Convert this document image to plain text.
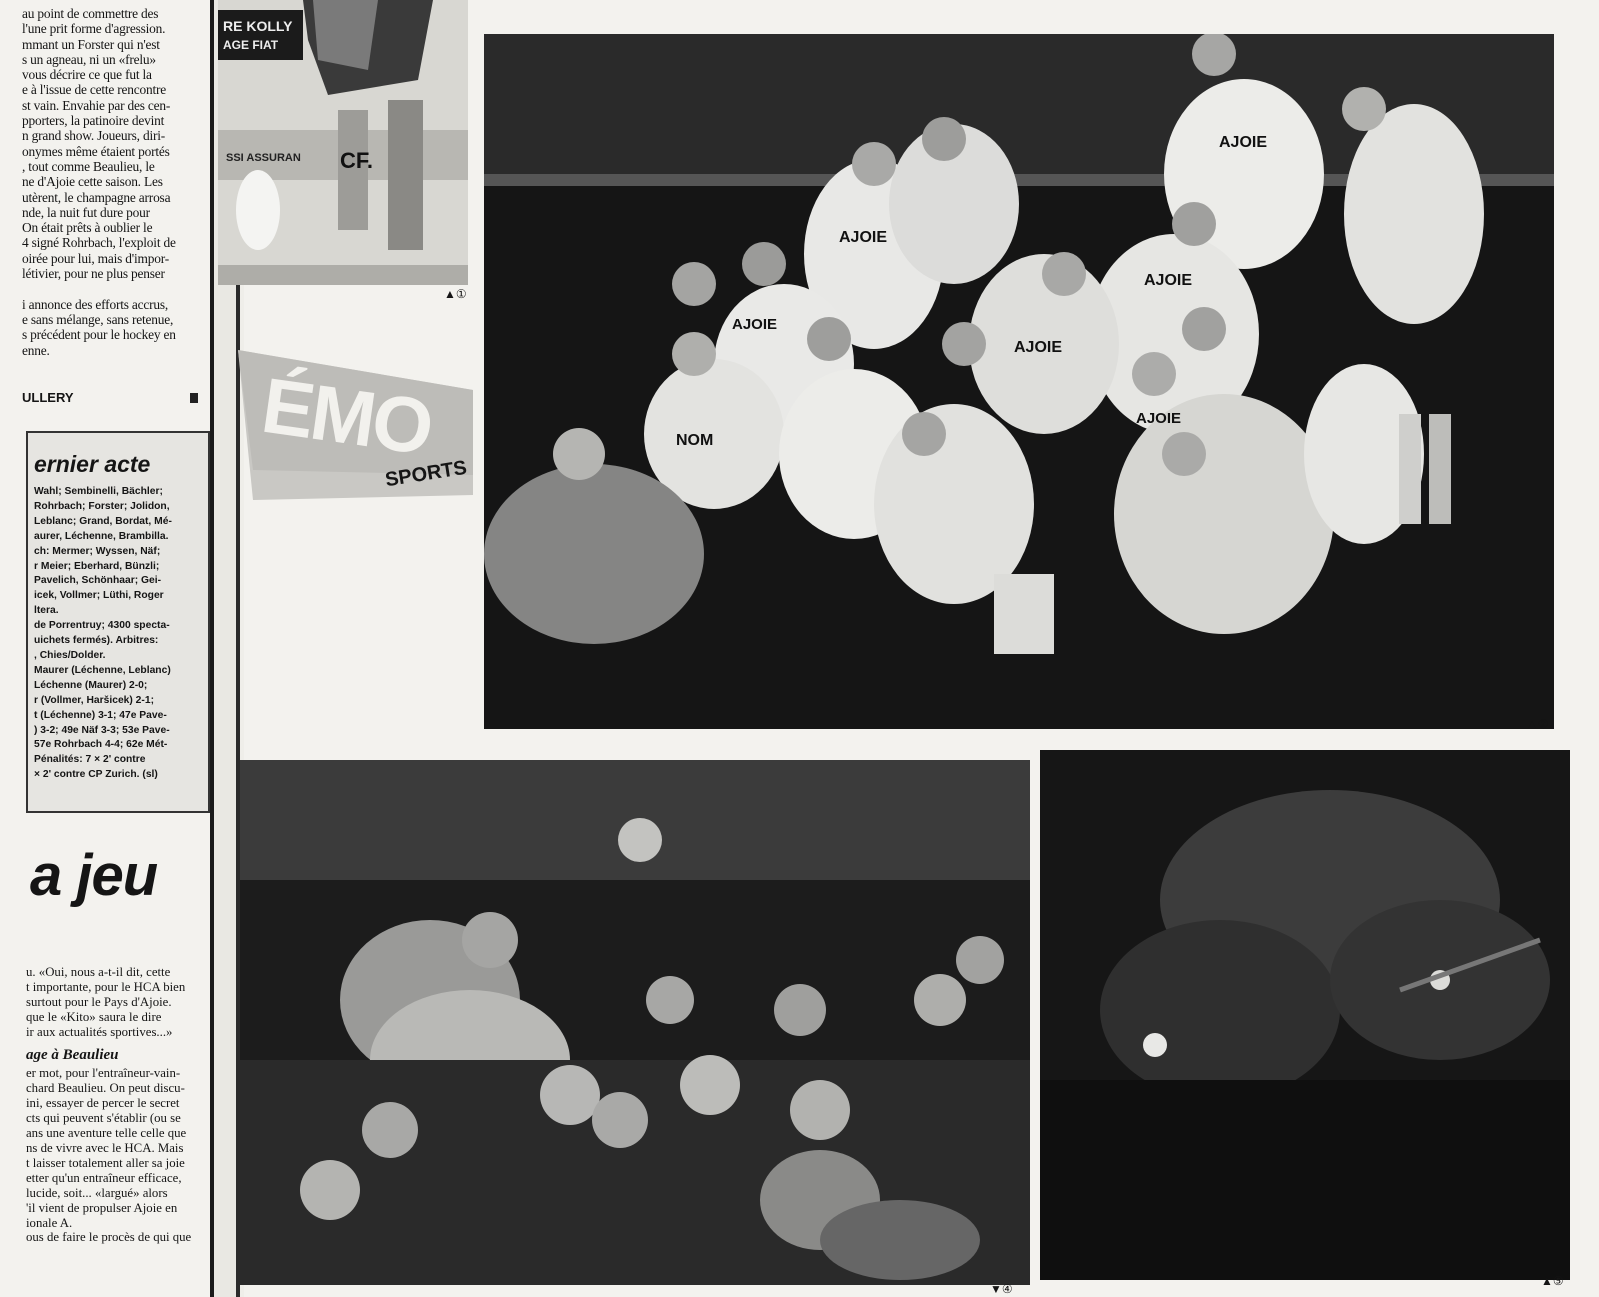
au point de commettre des
l'une prit forme d'agression.
mmant un Forster qui n'est
s un agneau, ni un «frelu»
vous décrire ce que fut la
e à l'issue de cette rencontre
st vain. Envahie par des cen-
pporters, la patinoire devint
n grand show. Joueurs, diri-
onymes même étaient portés
, tout comme Beaulieu, le
ne d'Ajoie cette saison. Les
utèrent, le champagne arrosa
nde, la nuit fut dure pour
On était prêts à oublier le
4 signé Rohrbach, l'exploit de
oirée pour lui, mais d'impor-
létivier, pour ne plus penser

i annonce des efforts accrus,
e sans mélange, sans retenue,
s précédent pour le hockey en
enne.
ULLERY
ernier acte
Wahl; Sembinelli, Bächler;
Rohrbach; Forster; Jolidon,
Leblanc; Grand, Bordat, Mé-
aurer, Léchenne, Brambilla.
ch: Mermer; Wyssen, Näf;
r Meier; Eberhard, Bünzli;
Pavelich, Schönhaar; Gei-
icek, Vollmer; Lüthi, Roger
ltera.
de Porrentruy; 4300 specta-
uichets fermés). Arbitres:
, Chies/Dolder.
Maurer (Léchenne, Leblanc)
Léchenne (Maurer) 2-0;
r (Vollmer, Haršicek) 2-1;
t (Léchenne) 3-1; 47e Pave-
) 3-2; 49e Näf 3-3; 53e Pave-
57e Rohrbach 4-4; 62e Mét-
Pénalités: 7 × 2' contre
× 2' contre CP Zurich. (sl)
a jeu
u. «Oui, nous a-t-il dit, cette
t importante, pour le HCA bien
surtout pour le Pays d'Ajoie.
que le «Kito» saura le dire
ir aux actualités sportives...»
age à Beaulieu
er mot, pour l'entraîneur-vain-
chard Beaulieu. On peut discu-
ini, essayer de percer le secret
cts qui peuvent s'établir (ou se
ans une aventure telle celle que
ns de vivre avec le HCA. Mais
t laisser totalement aller sa joie
etter qu'un entraîneur efficace,
lucide, soit... «largué» alors
'il vient de propulser Ajoie en
ionale A.
ous de faire le procès de qui que
RE KOLLY
AGE FIAT
SSI ASSURAN CF.
▲①
ÉMO
SPORTS
AJOIE
AJOIE
AJOIE
AJOIE
AJOIE
NOM
AJOIE
▲②
▼④
▲⑤
